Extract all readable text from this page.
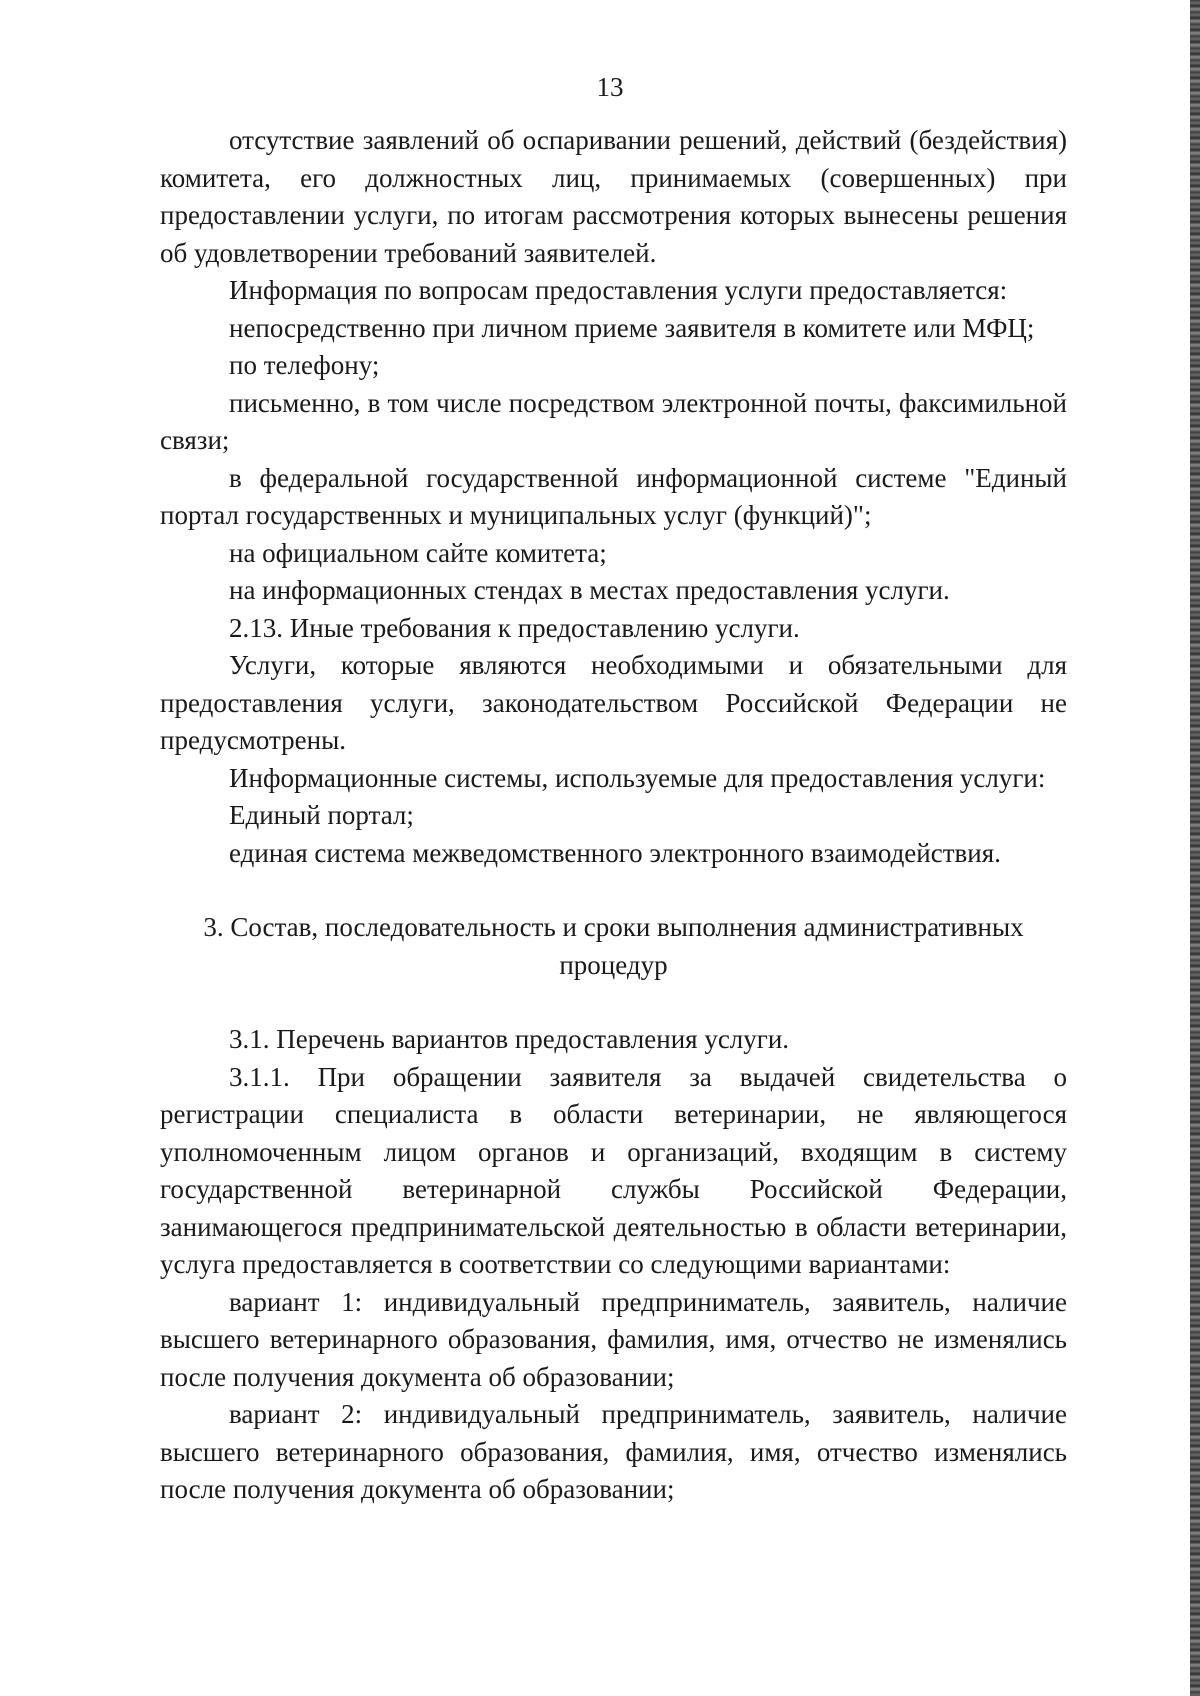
13

отсутствие заявлений об оспаривании решений, действий (бездействия) комитета, его должностных лиц, принимаемых (совершенных) при предоставлении услуги, по итогам рассмотрения которых вынесены решения об удовлетворении требований заявителей.

Информация по вопросам предоставления услуги предоставляется:

непосредственно при личном приеме заявителя в комитете или МФЦ;

по телефону;

письменно, в том числе посредством электронной почты, факсимильной связи;

в федеральной государственной информационной системе "Единый портал государственных и муниципальных услуг (функций)";

на официальном сайте комитета;

на информационных стендах в местах предоставления услуги.

2.13. Иные требования к предоставлению услуги.

Услуги, которые являются необходимыми и обязательными для предоставления услуги, законодательством Российской Федерации не предусмотрены.

Информационные системы, используемые для предоставления услуги:

Единый портал;

единая система межведомственного электронного взаимодействия.

3. Состав, последовательность и сроки выполнения административных процедур

3.1. Перечень вариантов предоставления услуги.

3.1.1. При обращении заявителя за выдачей свидетельства о регистрации специалиста в области ветеринарии, не являющегося уполномоченным лицом органов и организаций, входящим в систему государственной ветеринарной службы Российской Федерации, занимающегося предпринимательской деятельностью в области ветеринарии, услуга предоставляется в соответствии со следующими вариантами:

вариант 1: индивидуальный предприниматель, заявитель, наличие высшего ветеринарного образования, фамилия, имя, отчество не изменялись после получения документа об образовании;

вариант 2: индивидуальный предприниматель, заявитель, наличие высшего ветеринарного образования, фамилия, имя, отчество изменялись после получения документа об образовании;
